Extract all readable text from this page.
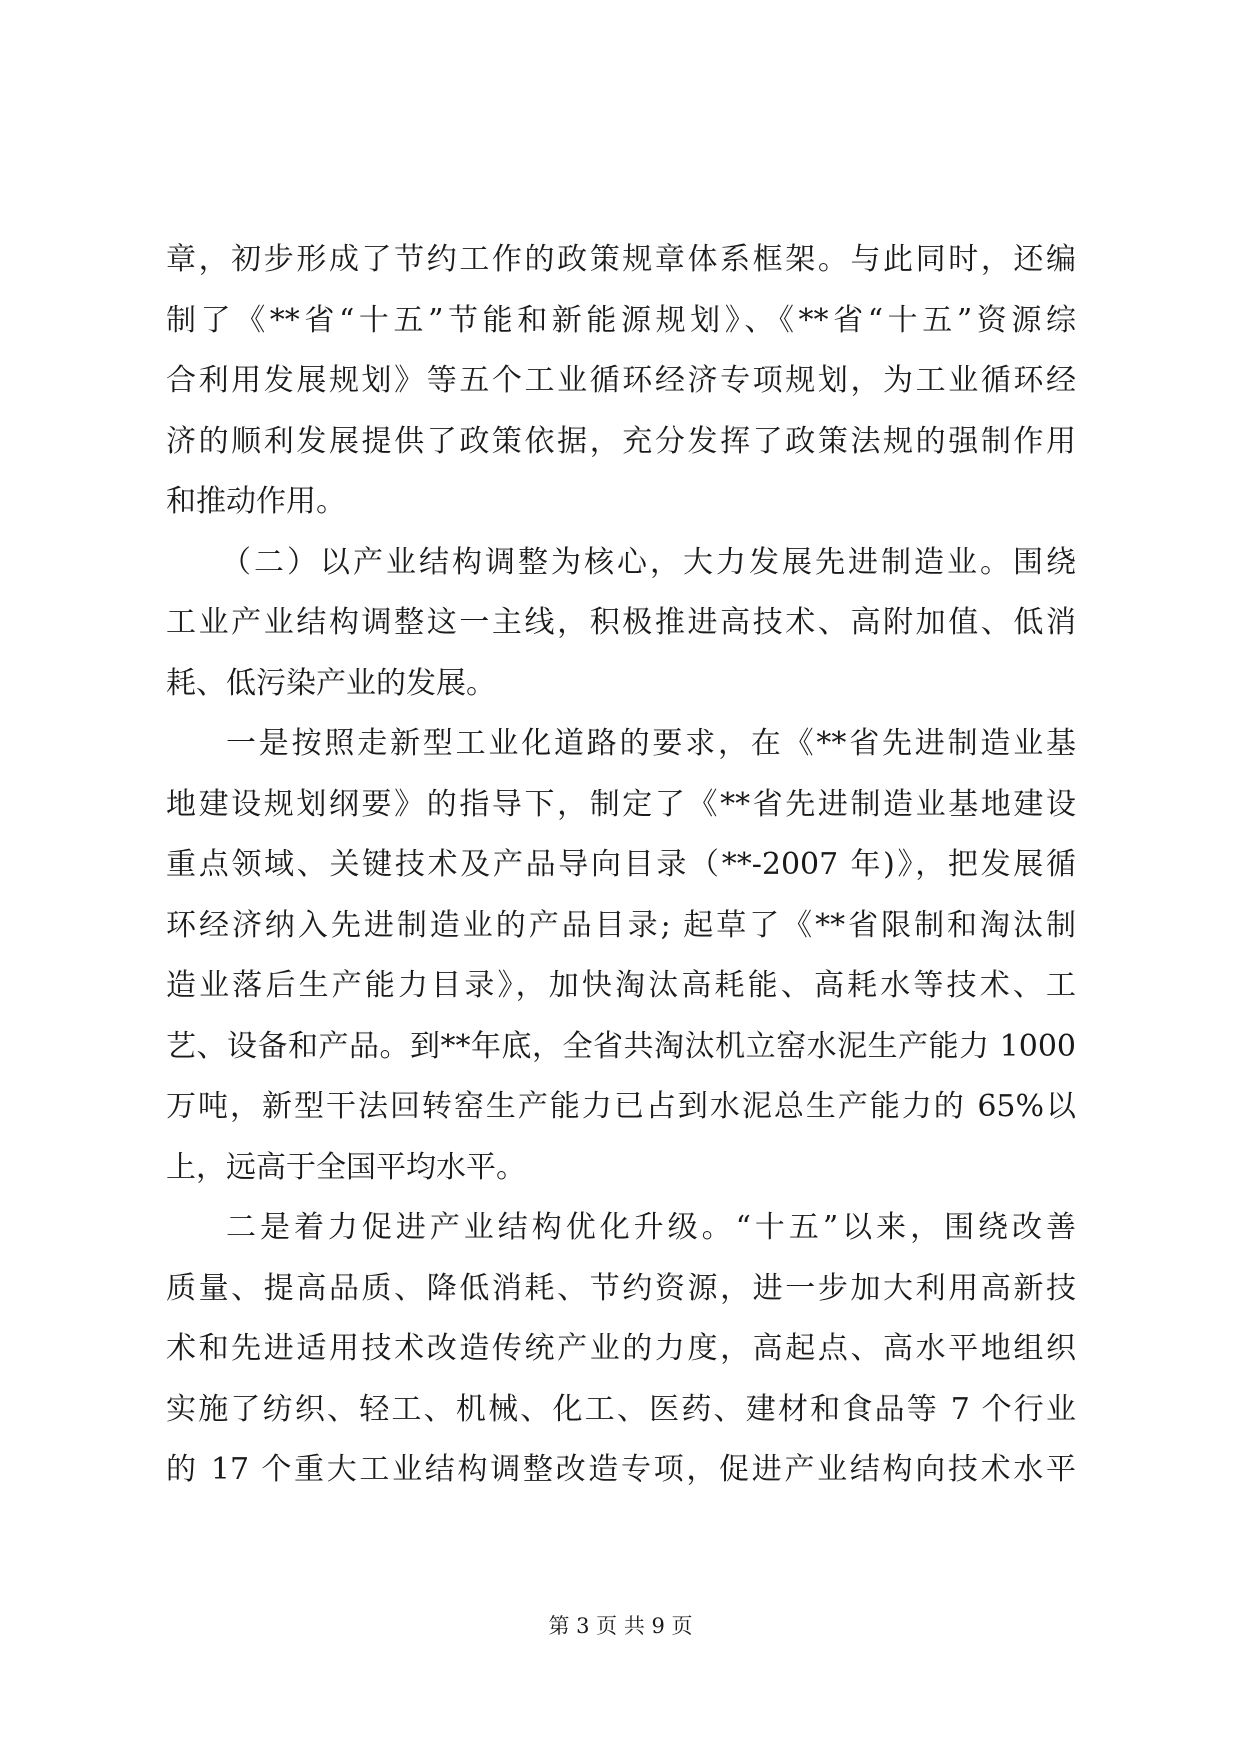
章，初步形成了节约工作的政策规章体系框架。与此同时，还编
制了《**省“十五”节能和新能源规划》、《**省“十五”资源综
合利用发展规划》等五个工业循环经济专项规划，为工业循环经
济的顺利发展提供了政策依据，充分发挥了政策法规的强制作用
和推动作用。
（二）以产业结构调整为核心，大力发展先进制造业。围绕
工业产业结构调整这一主线，积极推进高技术、高附加值、低消
耗、低污染产业的发展。
一是按照走新型工业化道路的要求，在《**省先进制造业基
地建设规划纲要》的指导下，制定了《**省先进制造业基地建设
重点领域、关键技术及产品导向目录（**-2007 年)》，把发展循
环经济纳入先进制造业的产品目录; 起草了《**省限制和淘汰制
造业落后生产能力目录》，加快淘汰高耗能、高耗水等技术、工
艺、设备和产品。到**年底，全省共淘汰机立窑水泥生产能力 1000
万吨，新型干法回转窑生产能力已占到水泥总生产能力的 65%以
上，远高于全国平均水平。
二是着力促进产业结构优化升级。“十五”以来，围绕改善
质量、提高品质、降低消耗、节约资源，进一步加大利用高新技
术和先进适用技术改造传统产业的力度，高起点、高水平地组织
实施了纺织、轻工、机械、化工、医药、建材和食品等 7 个行业
的 17 个重大工业结构调整改造专项，促进产业结构向技术水平
第 3 页 共 9 页
